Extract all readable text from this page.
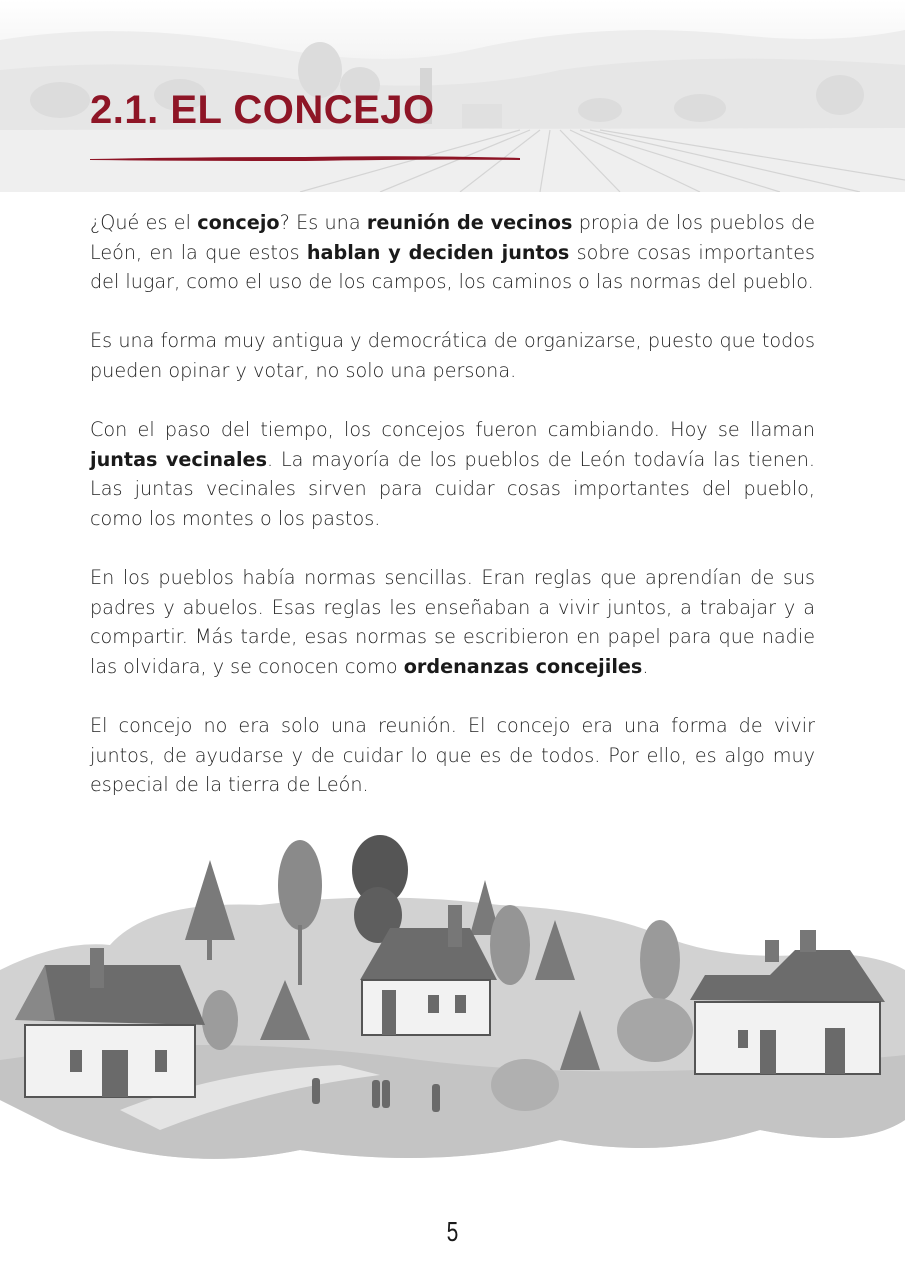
2.1. EL CONCEJO

¿Qué es el concejo? Es una reunión de vecinos propia de los pueblos de León, en la que estos hablan y deciden juntos sobre cosas importantes del lugar, como el uso de los campos, los caminos o las normas del pueblo.

Es una forma muy antigua y democrática de organizarse, puesto que todos pueden opinar y votar, no solo una persona.

Con el paso del tiempo, los concejos fueron cambiando. Hoy se llaman juntas vecinales. La mayoría de los pueblos de León todavía las tienen. Las juntas vecinales sirven para cuidar cosas importantes del pueblo, como los montes o los pastos.

En los pueblos había normas sencillas. Eran reglas que aprendían de sus padres y abuelos. Esas reglas les enseñaban a vivir juntos, a trabajar y a compartir. Más tarde, esas normas se escribieron en papel para que nadie las olvidara, y se conocen como ordenanzas concejiles.

El concejo no era solo una reunión. El concejo era una forma de vivir juntos, de ayudarse y de cuidar lo que es de todos. Por ello, es algo muy especial de la tierra de León.

5
